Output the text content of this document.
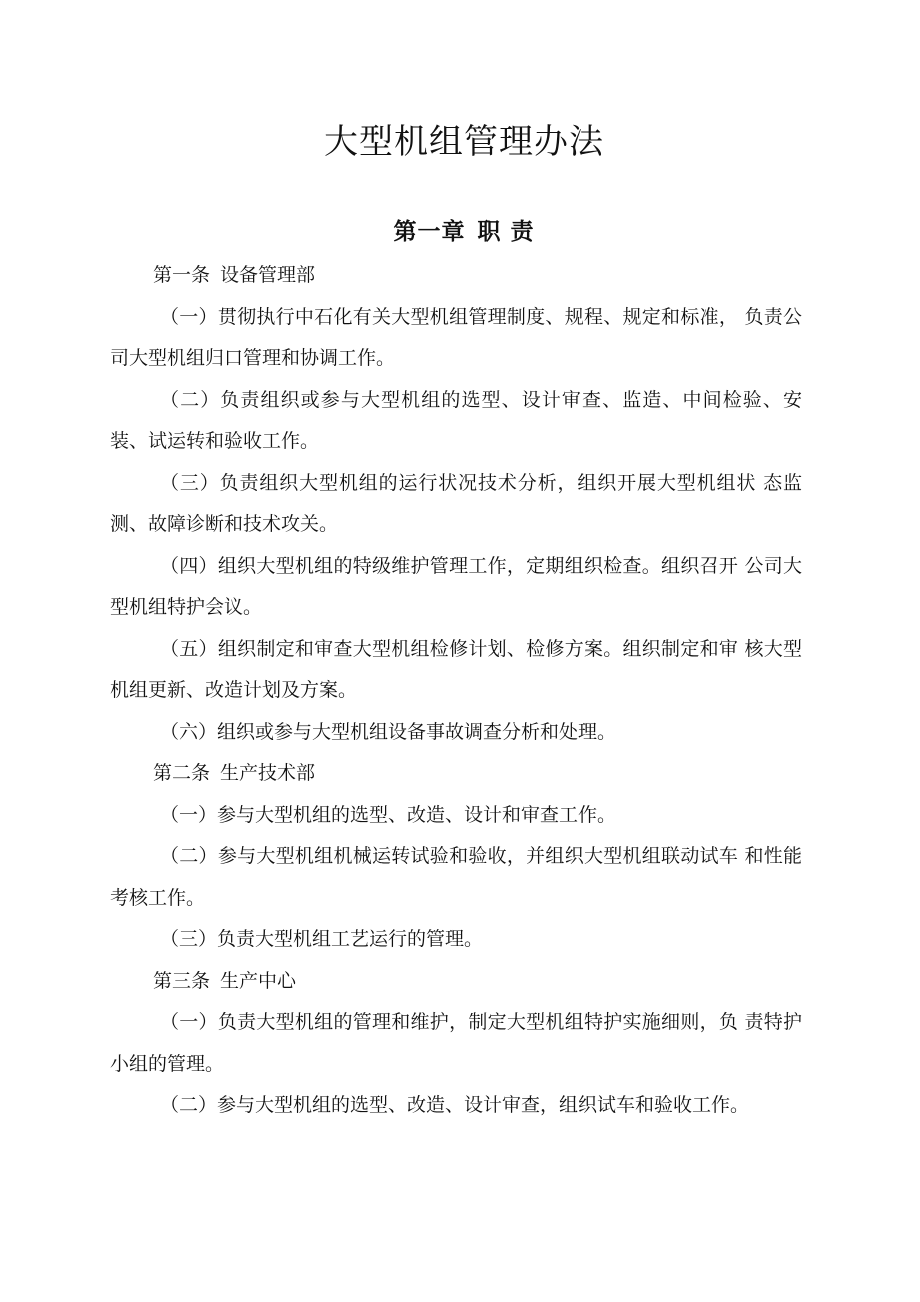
大型机组管理办法
第一章 职 责

第一条 设备管理部

（一）贯彻执行中石化有关大型机组管理制度、规程、规定和标准， 负责公司大型机组归口管理和协调工作。

（二）负责组织或参与大型机组的选型、设计审查、监造、中间检验、安装、试运转和验收工作。

（三）负责组织大型机组的运行状况技术分析，组织开展大型机组状 态监测、故障诊断和技术攻关。

（四）组织大型机组的特级维护管理工作，定期组织检查。组织召开 公司大型机组特护会议。

（五）组织制定和审查大型机组检修计划、检修方案。组织制定和审 核大型机组更新、改造计划及方案。

（六）组织或参与大型机组设备事故调查分析和处理。

第二条 生产技术部

（一）参与大型机组的选型、改造、设计和审查工作。

（二）参与大型机组机械运转试验和验收，并组织大型机组联动试车 和性能考核工作。

（三）负责大型机组工艺运行的管理。

第三条 生产中心

（一）负责大型机组的管理和维护，制定大型机组特护实施细则，负 责特护小组的管理。

（二）参与大型机组的选型、改造、设计审查，组织试车和验收工作。
